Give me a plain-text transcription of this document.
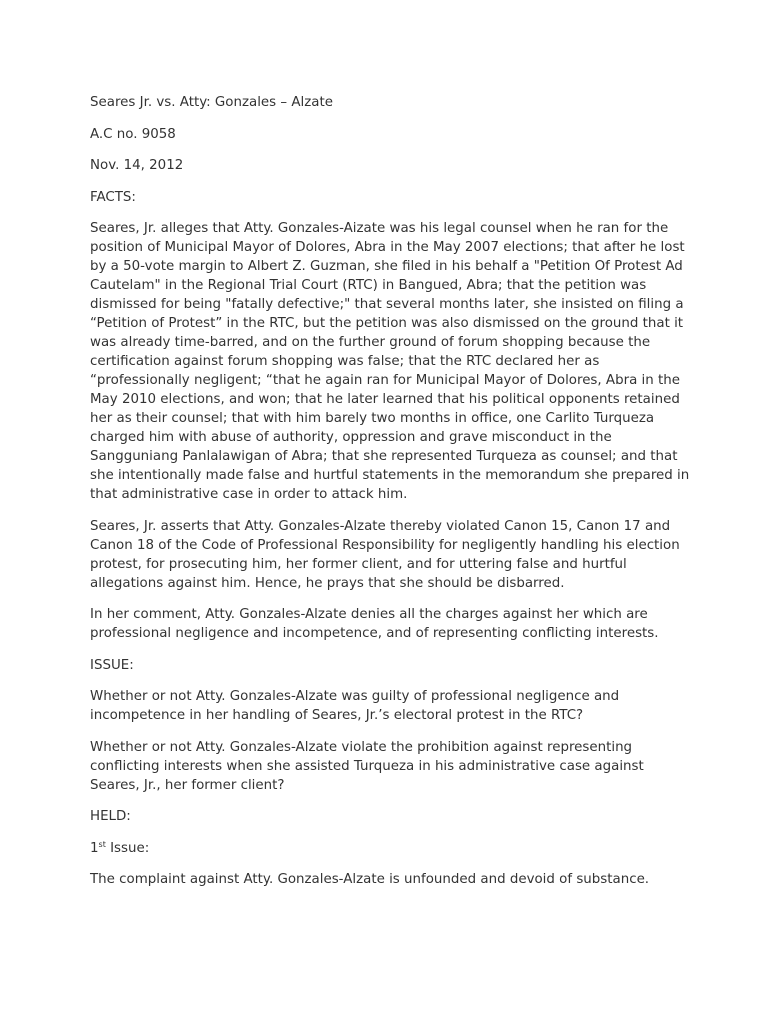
Seares Jr. vs. Atty: Gonzales – Alzate

A.C no. 9058

Nov. 14, 2012

FACTS:

Seares, Jr. alleges that Atty. Gonzales-Aizate was his legal counsel when he ran for the position of Municipal Mayor of Dolores, Abra in the May 2007 elections; that after he lost by a 50-vote margin to Albert Z. Guzman, she filed in his behalf a "Petition Of Protest Ad Cautelam" in the Regional Trial Court (RTC) in Bangued, Abra; that the petition was dismissed for being "fatally defective;" that several months later, she insisted on filing a “Petition of Protest” in the RTC, but the petition was also dismissed on the ground that it was already time-barred, and on the further ground of forum shopping because the certification against forum shopping was false; that the RTC declared her as “professionally negligent; “that he again ran for Municipal Mayor of Dolores, Abra in the May 2010 elections, and won; that he later learned that his political opponents retained her as their counsel; that with him barely two months in office, one Carlito Turqueza charged him with abuse of authority, oppression and grave misconduct in the Sangguniang Panlalawigan of Abra; that she represented Turqueza as counsel; and that she intentionally made false and hurtful statements in the memorandum she prepared in that administrative case in order to attack him.

Seares, Jr. asserts that Atty. Gonzales-Alzate thereby violated Canon 15, Canon 17 and Canon 18 of the Code of Professional Responsibility for negligently handling his election protest, for prosecuting him, her former client, and for uttering false and hurtful allegations against him. Hence, he prays that she should be disbarred.

In her comment, Atty. Gonzales-Alzate denies all the charges against her which are professional negligence and incompetence, and of representing conflicting interests.

ISSUE:

Whether or not Atty. Gonzales-Alzate was guilty of professional negligence and incompetence in her handling of Seares, Jr.’s electoral protest in the RTC?

Whether or not Atty. Gonzales-Alzate violate the prohibition against representing conflicting interests when she assisted Turqueza in his administrative case against Seares, Jr., her former client?

HELD:

1st Issue:

The complaint against Atty. Gonzales-Alzate is unfounded and devoid of substance.
